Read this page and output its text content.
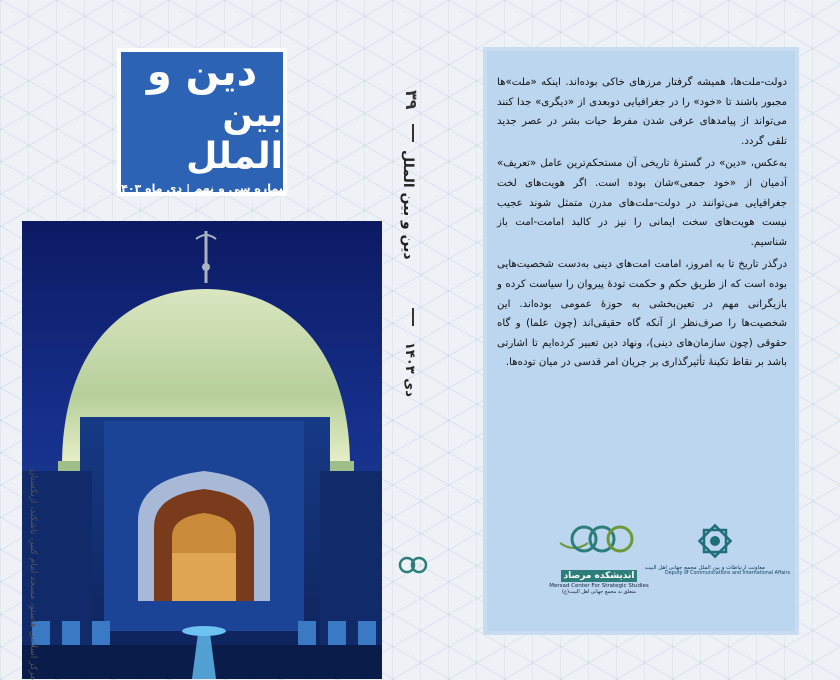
دین و
بین الملل
شماره سی و نهم|دی ماه ۱۴۰۳
مرکز اسلامی هاستو، مسجد امام کبیر، تاشکند، ازبکستان
۳۹
دین و بین الملل
دی ۱۴۰۳

دولت-ملت‌ها، همیشه گرفتار مرزهای خاکی بوده‌اند. اینکه «ملت»ها مجبور باشند تا «خود» را در جغرافیایی دوبعدی از «دیگری» جدا کنند می‌تواند از پیامدهای عرفی شدن مفرط حیات بشر در عصر جدید تلقی گردد.

به‌عکس، «دین» در گسترهٔ تاریخی آن مستحکم‌ترین عامل «تعریف» آدمیان از «خود جمعی»شان بوده است. اگر هویت‌های لخت جغرافیایی می‌توانند در دولت-ملت‌های مدرن متمثل شوند عجیب نیست هویت‌های سخت ایمانی را نیز در کالبد امامت-امت باز شناسیم.

درگذر تاریخ تا به امروز، امامت امت‌های دینی به‌دست شخصیت‌هایی بوده است که از طریق حکم و حکمت تودهٔ پیروان را سیاست کرده و بازیگرانی مهم در تعین‌بخشی به حوزهٔ عمومی بوده‌اند. این شخصیت‌ها را صرف‌نظر از آنکه گاه حقیقی‌اند (چون علما) و گاه حقوقی (چون سازمان‌های دینی)، ونهاد دین تعبیر کرده‌ایم تا اشارتی باشد بر نقاط تکینهٔ تأثیرگذاری بر جریان امر قدسی در میان توده‌ها.

اندیشکده مرصاد
Mersad Center For Strategic Studies
متعلق به مجمع جهانی اهل البیت(ع)
معاونت ارتباطات و بین الملل مجمع جهانی اهل البیت
Deputy of Communications and International Affairs
